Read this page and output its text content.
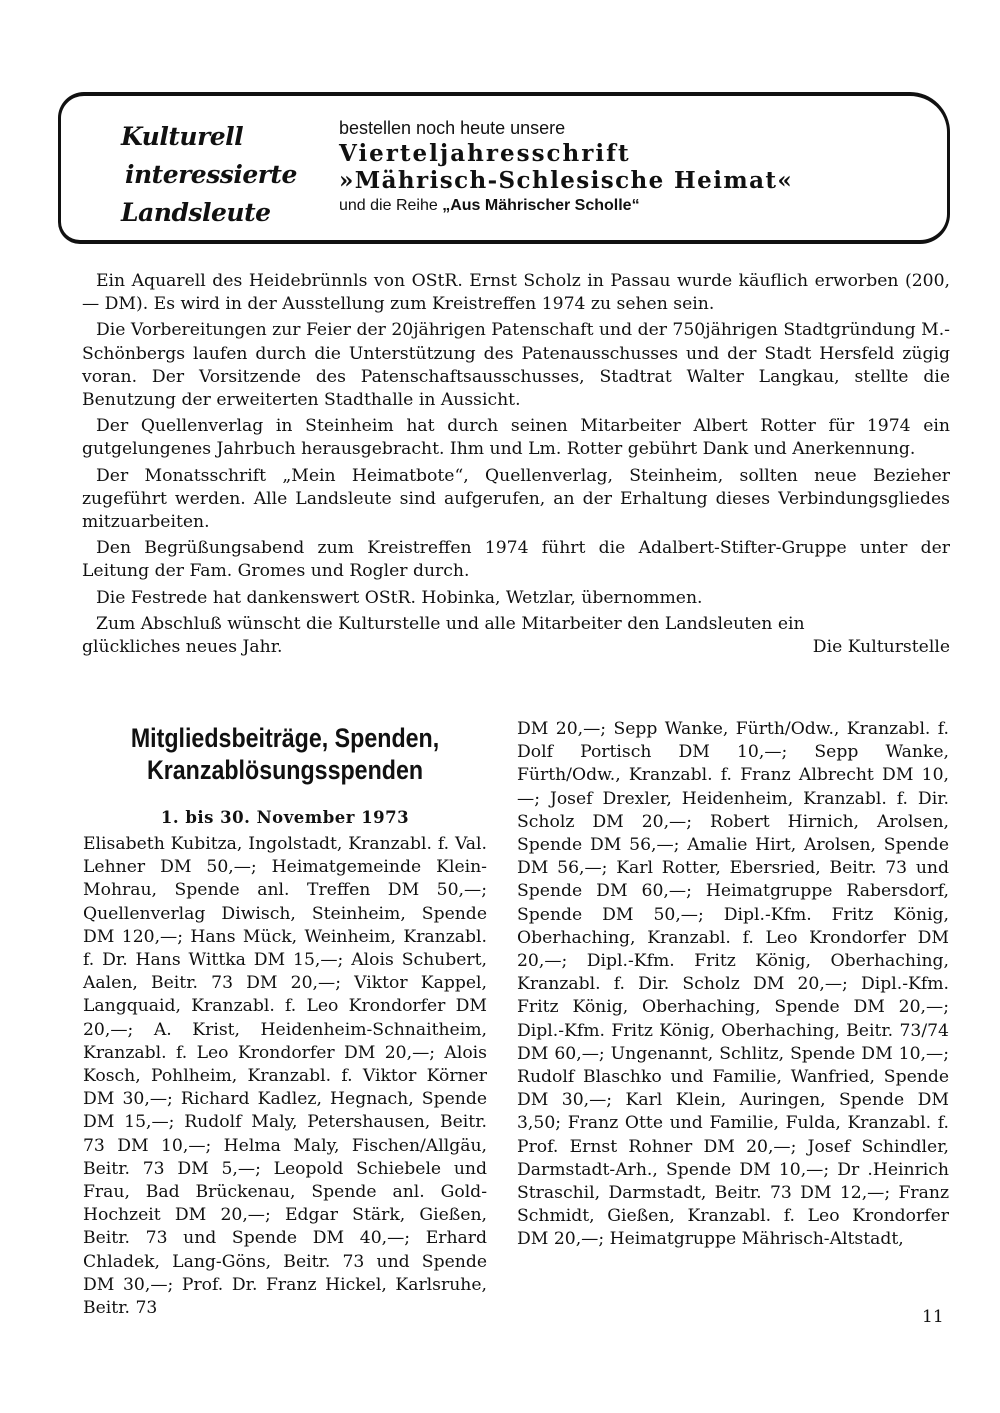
Kulturell
interessierte
Landsleute
bestellen noch heute unsere
Vierteljahresschrift
»Mährisch-Schlesische Heimat«
und die Reihe „Aus Mährischer Scholle“

Ein Aquarell des Heidebrünnls von OStR. Ernst Scholz in Passau wurde käuflich erworben (200,— DM). Es wird in der Ausstellung zum Kreistreffen 1974 zu sehen sein.

Die Vorbereitungen zur Feier der 20jährigen Patenschaft und der 750jährigen Stadtgründung M.-Schönbergs laufen durch die Unterstützung des Patenausschusses und der Stadt Hersfeld zügig voran. Der Vorsitzende des Patenschaftsausschusses, Stadtrat Walter Langkau, stellte die Benutzung der erweiterten Stadthalle in Aussicht.

Der Quellenverlag in Steinheim hat durch seinen Mitarbeiter Albert Rotter für 1974 ein gutgelungenes Jahrbuch herausgebracht. Ihm und Lm. Rotter gebührt Dank und Anerkennung.

Der Monatsschrift „Mein Heimatbote“, Quellenverlag, Steinheim, sollten neue Bezieher zugeführt werden. Alle Landsleute sind aufgerufen, an der Erhaltung dieses Verbindungsgliedes mitzuarbeiten.

Den Begrüßungsabend zum Kreistreffen 1974 führt die Adalbert-Stifter-Gruppe unter der Leitung der Fam. Gromes und Rogler durch.

Die Festrede hat dankenswert OStR. Hobinka, Wetzlar, übernommen.

Zum Abschluß wünscht die Kulturstelle und alle Mitarbeiter den Landsleuten ein

glückliches neues Jahr.	Die Kulturstelle
Mitgliedsbeiträge, Spenden,
Kranzablösungsspenden
1. bis 30. November 1973

Elisabeth Kubitza, Ingolstadt, Kranzabl. f. Val. Lehner DM 50,—; Heimatgemeinde Klein-Mohrau, Spende anl. Treffen DM 50,—; Quellenverlag Diwisch, Steinheim, Spende DM 120,—; Hans Mück, Weinheim, Kranzabl. f. Dr. Hans Wittka DM 15,—; Alois Schubert, Aalen, Beitr. 73 DM 20,—; Viktor Kappel, Langquaid, Kranzabl. f. Leo Krondorfer DM 20,—; A. Krist, Heidenheim-Schnaitheim, Kranzabl. f. Leo Krondorfer DM 20,—; Alois Kosch, Pohlheim, Kranzabl. f. Viktor Körner DM 30,—; Richard Kadlez, Hegnach, Spende DM 15,—; Rudolf Maly, Petershausen, Beitr. 73 DM 10,—; Helma Maly, Fischen/Allgäu, Beitr. 73 DM 5,—; Leopold Schiebele und Frau, Bad Brückenau, Spende anl. Gold-Hochzeit DM 20,—; Edgar Stärk, Gießen, Beitr. 73 und Spende DM 40,—; Erhard Chladek, Lang-Göns, Beitr. 73 und Spende DM 30,—; Prof. Dr. Franz Hickel, Karlsruhe, Beitr. 73

DM 20,—; Sepp Wanke, Fürth/Odw., Kranzabl. f. Dolf Portisch DM 10,—; Sepp Wanke, Fürth/Odw., Kranzabl. f. Franz Albrecht DM 10,—; Josef Drexler, Heidenheim, Kranzabl. f. Dir. Scholz DM 20,—; Robert Hirnich, Arolsen, Spende DM 56,—; Amalie Hirt, Arolsen, Spende DM 56,—; Karl Rotter, Ebersried, Beitr. 73 und Spende DM 60,—; Heimatgruppe Rabersdorf, Spende DM 50,—; Dipl.-Kfm. Fritz König, Oberhaching, Kranzabl. f. Leo Krondorfer DM 20,—; Dipl.-Kfm. Fritz König, Oberhaching, Kranzabl. f. Dir. Scholz DM 20,—; Dipl.-Kfm. Fritz König, Oberhaching, Spende DM 20,—; Dipl.-Kfm. Fritz König, Oberhaching, Beitr. 73/74 DM 60,—; Ungenannt, Schlitz, Spende DM 10,—; Rudolf Blaschko und Familie, Wanfried, Spende DM 30,—; Karl Klein, Auringen, Spende DM 3,50; Franz Otte und Familie, Fulda, Kranzabl. f. Prof. Ernst Rohner DM 20,—; Josef Schindler, Darmstadt-Arh., Spende DM 10,—; Dr .Heinrich Straschil, Darmstadt, Beitr. 73 DM 12,—; Franz Schmidt, Gießen, Kranzabl. f. Leo Krondorfer DM 20,—; Heimatgruppe Mährisch-Altstadt,

11
